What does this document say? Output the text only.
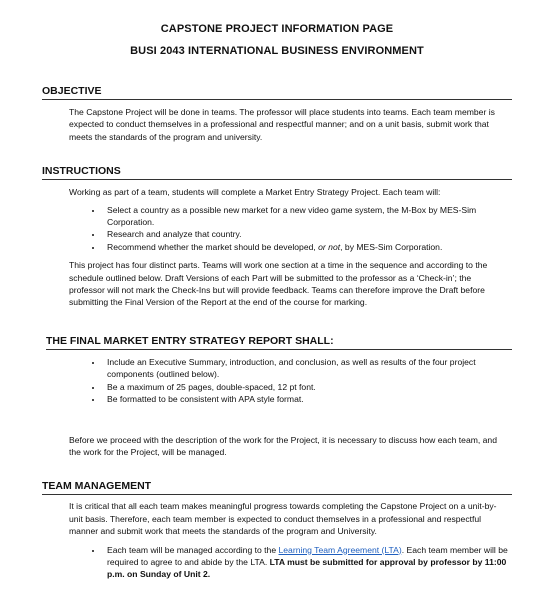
CAPSTONE PROJECT INFORMATION PAGE
BUSI 2043 INTERNATIONAL BUSINESS ENVIRONMENT
OBJECTIVE
The Capstone Project will be done in teams. The professor will place students into teams. Each team member is expected to conduct themselves in a professional and respectful manner; and on a unit basis, submit work that meets the standards of the program and university.
INSTRUCTIONS
Working as part of a team, students will complete a Market Entry Strategy Project. Each team will:
• Select a country as a possible new market for a new video game system, the M-Box by MES-Sim Corporation.
• Research and analyze that country.
• Recommend whether the market should be developed, or not, by MES-Sim Corporation.
This project has four distinct parts. Teams will work one section at a time in the sequence and according to the schedule outlined below. Draft Versions of each Part will be submitted to the professor as a ‘Check-in’; the professor will not mark the Check-Ins but will provide feedback. Teams can therefore improve the Draft before submitting the Final Version of the Report at the end of the course for marking.
THE FINAL MARKET ENTRY STRATEGY REPORT SHALL:
• Include an Executive Summary, introduction, and conclusion, as well as results of the four project components (outlined below).
• Be a maximum of 25 pages, double-spaced, 12 pt font.
• Be formatted to be consistent with APA style format.
Before we proceed with the description of the work for the Project, it is necessary to discuss how each team, and the work for the Project, will be managed.
TEAM MANAGEMENT
It is critical that all each team makes meaningful progress towards completing the Capstone Project on a unit-by-unit basis. Therefore, each team member is expected to conduct themselves in a professional and respectful manner and submit work that meets the standards of the program and University.
• Each team will be managed according to the Learning Team Agreement (LTA). Each team member will be required to agree to and abide by the LTA. LTA must be submitted for approval by professor by 11:00 p.m. on Sunday of Unit 2.
